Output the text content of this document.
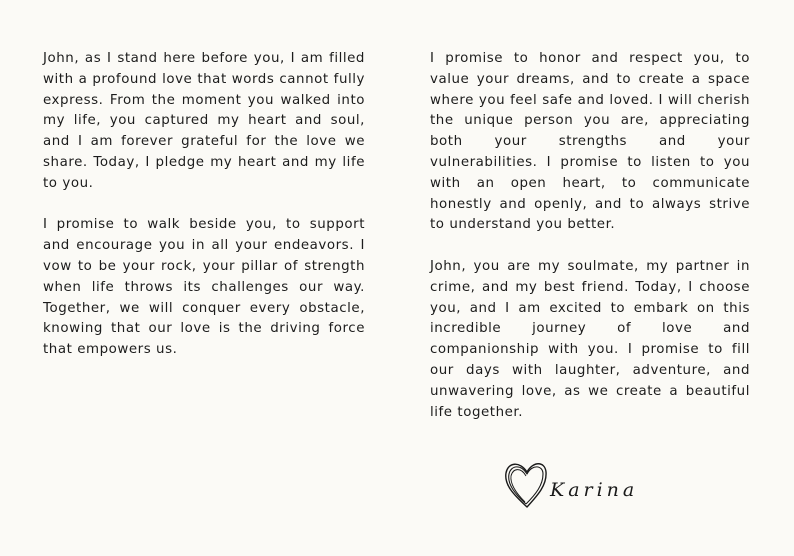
John, as I stand here before you, I am filled with a profound love that words cannot fully express. From the moment you walked into my life, you captured my heart and soul, and I am forever grateful for the love we share. Today, I pledge my heart and my life to you.

I promise to walk beside you, to support and encourage you in all your endeavors. I vow to be your rock, your pillar of strength when life throws its challenges our way. Together, we will conquer every obstacle, knowing that our love is the driving force that empowers us.

I promise to honor and respect you, to value your dreams, and to create a space where you feel safe and loved. I will cherish the unique person you are, appreciating both your strengths and your vulnerabilities. I promise to listen to you with an open heart, to communicate honestly and openly, and to always strive to understand you better.

John, you are my soulmate, my partner in crime, and my best friend. Today, I choose you, and I am excited to embark on this incredible journey of love and companionship with you. I promise to fill our days with laughter, adventure, and unwavering love, as we create a beautiful life together.

Karina
